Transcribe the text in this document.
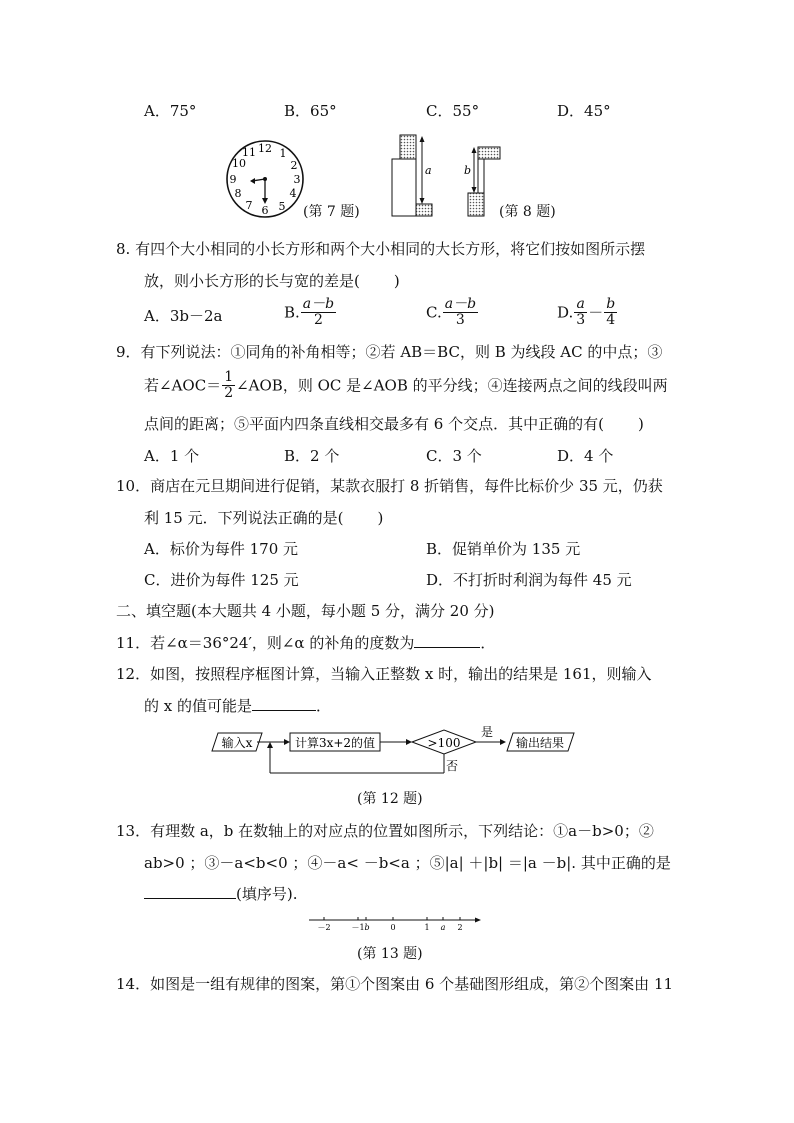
A．75°	B．65°	C．55°	D．45°
12 1
2
3
4
5
6
7
8
9
10
11
(第 7 题)
a	b
(第 8 题)
8. 有四个大小相同的小长方形和两个大小相同的大长方形，将它们按如图所示摆
放，则小长方形的长与宽的差是( )
A．3b－2a	B. $\frac{a-b}{2}$	C. $\frac{a-b}{3}$	D. $\frac{a}{3} - \frac{b}{4}$
9．有下列说法：①同角的补角相等；②若 AB＝BC，则 B 为线段 AC 的中点；③
若∠AOC＝ $\frac{1}{2}$ ∠AOB，则 OC 是∠AOB 的平分线；④连接两点之间的线段叫两
点间的距离；⑤平面内四条直线相交最多有 6 个交点．其中正确的有( )
A．1 个	B．2 个	C．3 个	D．4 个
10．商店在元旦期间进行促销，某款衣服打 8 折销售，每件比标价少 35 元，仍获
利 15 元．下列说法正确的是( )
A．标价为每件 170 元	B．促销单价为 135 元
C．进价为每件 125 元	D．不打折时利润为每件 45 元
二、填空题(本大题共 4 小题，每小题 5 分，满分 20 分)
11．若∠α＝36°24′，则∠α 的补角的度数为	．
12．如图，按照程序框图计算，当输入正整数 x 时，输出的结果是 161，则输入
的 x 的值可能是	．
输入x	计算3x+2的值	>100
是
输出结果
否
(第 12 题)
13．有理数 a，b 在数轴上的对应点的位置如图所示，下列结论：①a－b>0；②
ab>0 ；③－a<b<0 ；④－a< －b<a ；⑤|a| ＋|b| ＝|a －b|. 其中正确的是
(填序号).
－2	－1 b	0	1 a 2
(第 13 题)
14．如图是一组有规律的图案，第①个图案由 6 个基础图形组成，第②个图案由 11
